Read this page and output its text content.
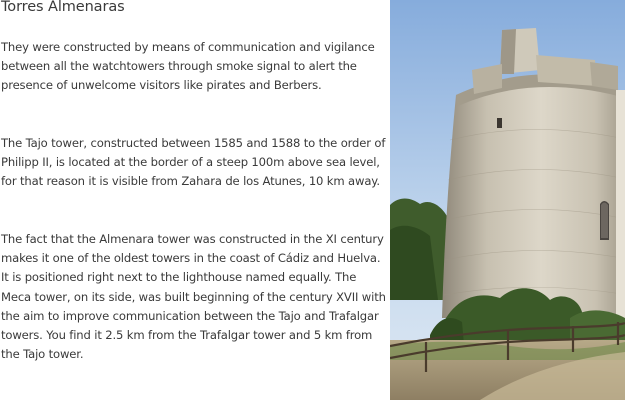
Torres Almenaras

They were constructed by means of communication and vigilance between all the watchtowers through smoke signal to alert the presence of unwelcome visitors like pirates and Berbers.

The Tajo tower, constructed between 1585 and 1588 to the order of Philipp II, is located at the border of a steep 100m above sea level, for that reason it is visible from Zahara de los Atunes, 10 km away.

The fact that the Almenara tower was constructed in the XI century makes it one of the oldest towers in the coast of Cádiz and Huelva. It is positioned right next to the lighthouse named equally. The Meca tower, on its side, was built beginning of the century XVII with the aim to improve communication between the Tajo and Trafalgar towers. You find it 2.5 km from the Trafalgar tower and 5 km from the Tajo tower.
